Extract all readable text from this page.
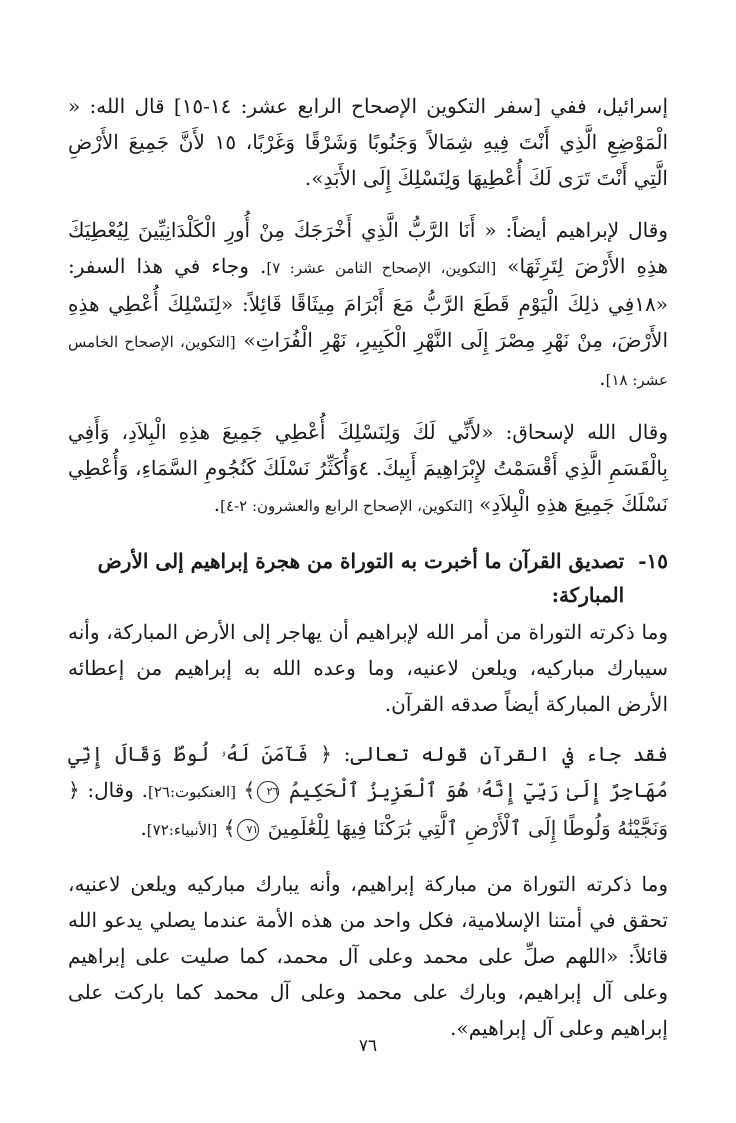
إسرائيل، ففي [سفر التكوين الإصحاح الرابع عشر: ١٤-١٥] قال الله: « الْمَوْضِعِ الَّذِي أَنْتَ فِيهِ شِمَالاً وَجَنُوبًا وَشَرْقًا وَغَرْبًا، ١٥ لأَنَّ جَمِيعَ الأَرْضِ الَّتِي أَنْتَ تَرَى لَكَ أُعْطِيهَا وَلِنَسْلِكَ إِلَى الأَبَدِ».

وقال لإبراهيم أيضاً: « أَنَا الرَّبُّ الَّذِي أَخْرَجَكَ مِنْ أُورِ الْكَلْدَانِيِّينَ لِيُعْطِيَكَ هذِهِ الأَرْضَ لِتَرِثَهَا» [التكوين، الإصحاح الثامن عشر: ٧]. وجاء في هذا السفر: «١٨فِي ذلِكَ الْيَوْمِ قَطَعَ الرَّبُّ مَعَ أَبْرَامَ مِيثَاقًا قَائِلاً: «لِنَسْلِكَ أُعْطِي هذِهِ الأَرْضَ، مِنْ نَهْرِ مِصْرَ إِلَى النَّهْرِ الْكَبِيرِ، نَهْرِ الْفُرَاتِ» [التكوين، الإصحاح الخامس عشر: ١٨].

وقال الله لإسحاق: «لأَنِّي لَكَ وَلِنَسْلِكَ أُعْطِي جَمِيعَ هذِهِ الْبِلاَدِ، وَأَفِي بِالْقَسَمِ الَّذِي أَقْسَمْتُ لإِبْرَاهِيمَ أَبِيكَ. ٤وَأُكَثِّرُ نَسْلَكَ كَنُجُومِ السَّمَاءِ، وَأُعْطِي نَسْلَكَ جَمِيعَ هذِهِ الْبِلاَدِ» [التكوين، الإصحاح الرابع والعشرون: ٢-٤].

١٥-
تصديق القرآن ما أخبرت به التوراة من هجرة إبراهيم إلى الأرض المباركة:

وما ذكرته التوراة من أمر الله لإبراهيم أن يهاجر إلى الأرض المباركة، وأنه سيبارك مباركيه، ويلعن لاعنيه، وما وعده الله به إبراهيم من إعطائه الأرض المباركة أيضاً صدقه القرآن.

فقد جاء في القرآن قوله تعالى: ﴿ فَآمَنَ لَهُۥ لُوطٌ وَقَالَ إِنِّي مُهَاجِرٌ إِلَىٰ رَبِّيٓ إِنَّهُۥ هُوَ ٱلْعَزِيزُ ٱلْحَكِيمُ ٢٦﴾ [العنكبوت:٢٦]. وقال: ﴿ وَنَجَّيْنَٰهُ وَلُوطًا إِلَى ٱلْأَرْضِ ٱلَّتِي بَٰرَكْنَا فِيهَا لِلْعَٰلَمِينَ ٧١﴾ [الأنبياء:٧٢].

وما ذكرته التوراة من مباركة إبراهيم، وأنه يبارك مباركيه ويلعن لاعنيه، تحقق في أمتنا الإسلامية، فكل واحد من هذه الأمة عندما يصلي يدعو الله قائلاً: «اللهم صلِّ على محمد وعلى آل محمد، كما صليت على إبراهيم وعلى آل إبراهيم، وبارك على محمد وعلى آل محمد كما باركت على إبراهيم وعلى آل إبراهيم».

٧٦
